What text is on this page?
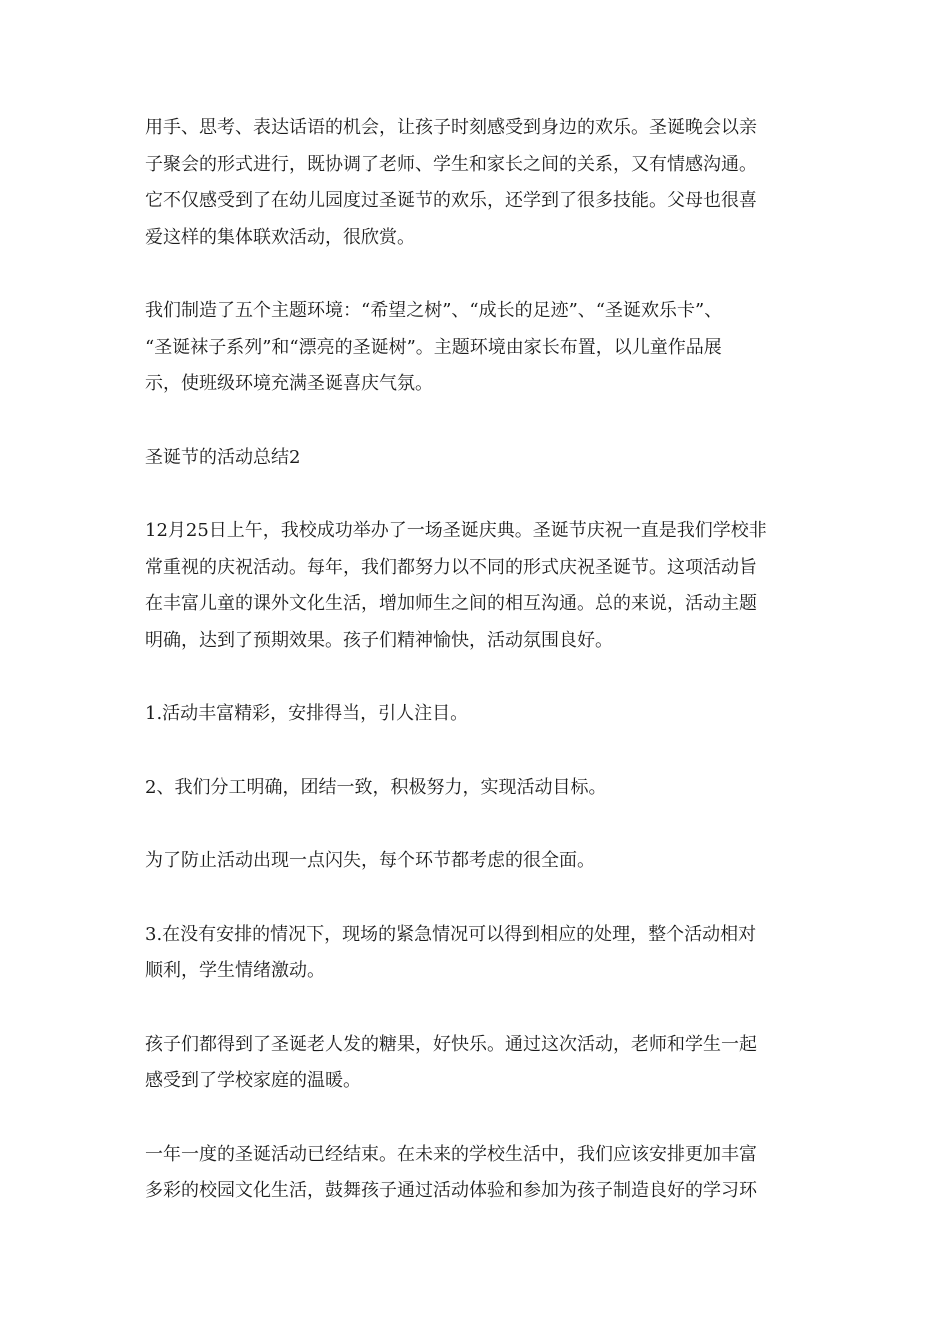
用手、思考、表达话语的机会，让孩子时刻感受到身边的欢乐。圣诞晚会以亲
子聚会的形式进行，既协调了老师、学生和家长之间的关系，又有情感沟通。
它不仅感受到了在幼儿园度过圣诞节的欢乐，还学到了很多技能。父母也很喜
爱这样的集体联欢活动，很欣赏。

我们制造了五个主题环境：“希望之树”、“成长的足迹”、“圣诞欢乐卡”、
“圣诞袜子系列”和“漂亮的圣诞树”。主题环境由家长布置，以儿童作品展
示，使班级环境充满圣诞喜庆气氛。

圣诞节的活动总结2

12月25日上午，我校成功举办了一场圣诞庆典。圣诞节庆祝一直是我们学校非
常重视的庆祝活动。每年，我们都努力以不同的形式庆祝圣诞节。这项活动旨
在丰富儿童的课外文化生活，增加师生之间的相互沟通。总的来说，活动主题
明确，达到了预期效果。孩子们精神愉快，活动氛围良好。

1.活动丰富精彩，安排得当，引人注目。

2、我们分工明确，团结一致，积极努力，实现活动目标。

为了防止活动出现一点闪失，每个环节都考虑的很全面。

3.在没有安排的情况下，现场的紧急情况可以得到相应的处理，整个活动相对
顺利，学生情绪激动。

孩子们都得到了圣诞老人发的糖果，好快乐。通过这次活动，老师和学生一起
感受到了学校家庭的温暖。

一年一度的圣诞活动已经结束。在未来的学校生活中，我们应该安排更加丰富
多彩的校园文化生活，鼓舞孩子通过活动体验和参加为孩子制造良好的学习环
